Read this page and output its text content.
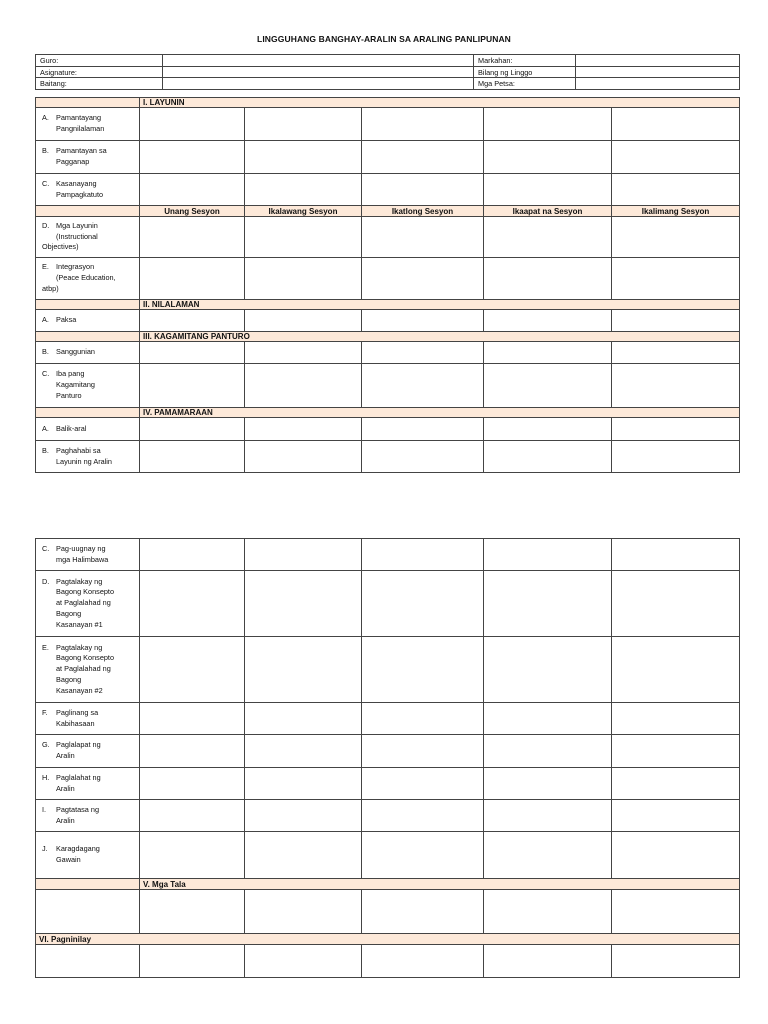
LINGGUHANG BANGHAY-ARALIN SA ARALING PANLIPUNAN
Guro:		Markahan:	
Asignature:		Bilang ng Linggo	
Baitang:		Mga Petsa:	
	I. LAYUNIN				
A. Pamantayang
Pangnilalaman					

B. Pamantayan sa
Pagganap					

C. Kasanayang
Pampagkatuto					

	Unang Sesyon	Ikalawang Sesyon	Ikatlong Sesyon	Ikaapat na Sesyon	Ikalimang Sesyon
D. Mga Layunin
(Instructional
Objectives)					

E. Integrasyon
(Peace Education,
atbp)					

	II. NILALAMAN				
A. Paksa					
	III. KAGAMITANG PANTURO				
B. Sanggunian					
C. Iba pang
Kagamitang
Panturo					

	IV. PAMAMARAAN				
A. Balik-aral					
B. Paghahabi sa
Layunin ng Aralin					

C. Pag-uugnay ng
mga Halimbawa					

D. Pagtalakay ng
Bagong Konsepto
at Paglalahad ng
Bagong
Kasanayan #1					

E. Pagtalakay ng
Bagong Konsepto
at Paglalahad ng
Bagong
Kasanayan #2					

F. Paglinang sa
Kabihasaan					

G. Paglalapat ng
Aralin					

H. Paglalahat ng
Aralin					

I. Pagtatasa ng
Aralin					

J. Karagdagang
Gawain					

	V. Mga Tala				

VI. Pagninilay					
